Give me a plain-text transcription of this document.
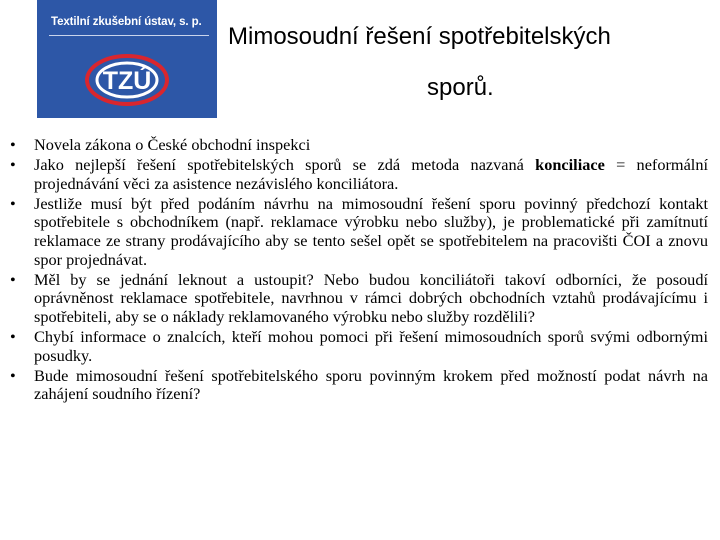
Textilní zkušební ústav, s. p.
TZÚ
Mimosoudní řešení spotřebitelských
sporů.
• Novela zákona o České obchodní inspekci
• Jako nejlepší řešení spotřebitelských sporů se zdá metoda nazvaná konciliace = neformální projednávání věci za asistence nezávislého konciliátora.
• Jestliže musí být před podáním návrhu na mimosoudní řešení sporu povinný předchozí kontakt spotřebitele s obchodníkem (např. reklamace výrobku nebo služby), je problematické při zamítnutí reklamace ze strany prodávajícího aby se tento sešel opět se spotřebitelem na pracovišti ČOI a znovu spor projednávat.
• Měl by se jednání leknout a ustoupit? Nebo budou konciliátoři takoví odborníci, že posoudí oprávněnost reklamace spotřebitele, navrhnou v rámci dobrých obchodních vztahů prodávajícímu i spotřebiteli, aby se o náklady reklamovaného výrobku nebo služby rozdělili?
• Chybí informace o znalcích, kteří mohou pomoci při řešení mimosoudních sporů svými odbornými posudky.
• Bude mimosoudní řešení spotřebitelského sporu povinným krokem před možností podat návrh na zahájení soudního řízení?
